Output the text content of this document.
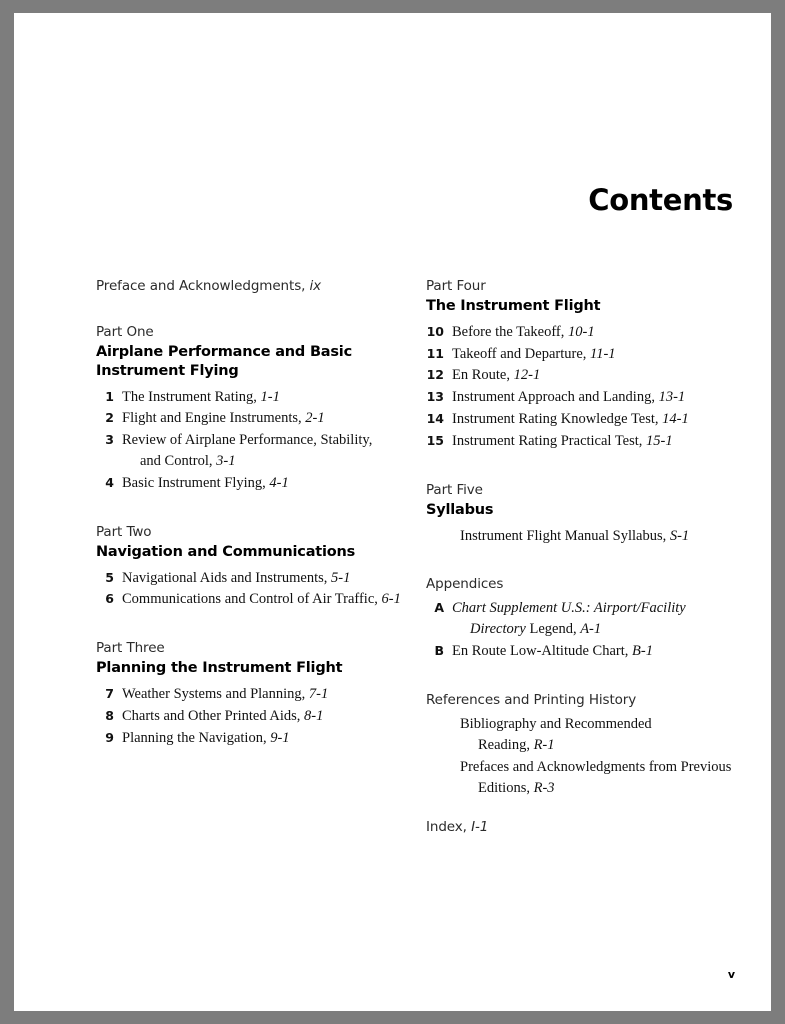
Contents
Preface and Acknowledgments, ix
Part One
Airplane Performance and Basic Instrument Flying
1 The Instrument Rating, 1-1
2 Flight and Engine Instruments, 2-1
3 Review of Airplane Performance, Stability,
and Control, 3-1
4 Basic Instrument Flying, 4-1
Part Two
Navigation and Communications
5 Navigational Aids and Instruments, 5-1
6 Communications and Control of Air Traffic, 6-1
Part Three
Planning the Instrument Flight
7 Weather Systems and Planning, 7-1
8 Charts and Other Printed Aids, 8-1
9 Planning the Navigation, 9-1
Part Four
The Instrument Flight
10 Before the Takeoff, 10-1
11 Takeoff and Departure, 11-1
12 En Route, 12-1
13 Instrument Approach and Landing, 13-1
14 Instrument Rating Knowledge Test, 14-1
15 Instrument Rating Practical Test, 15-1
Part Five
Syllabus
Instrument Flight Manual Syllabus, S-1
Appendices
A Chart Supplement U.S.: Airport/Facility
Directory Legend, A-1
B En Route Low-Altitude Chart, B-1
References and Printing History
Bibliography and Recommended
Reading, R-1
Prefaces and Acknowledgments from Previous
Editions, R-3
Index, I-1
v
